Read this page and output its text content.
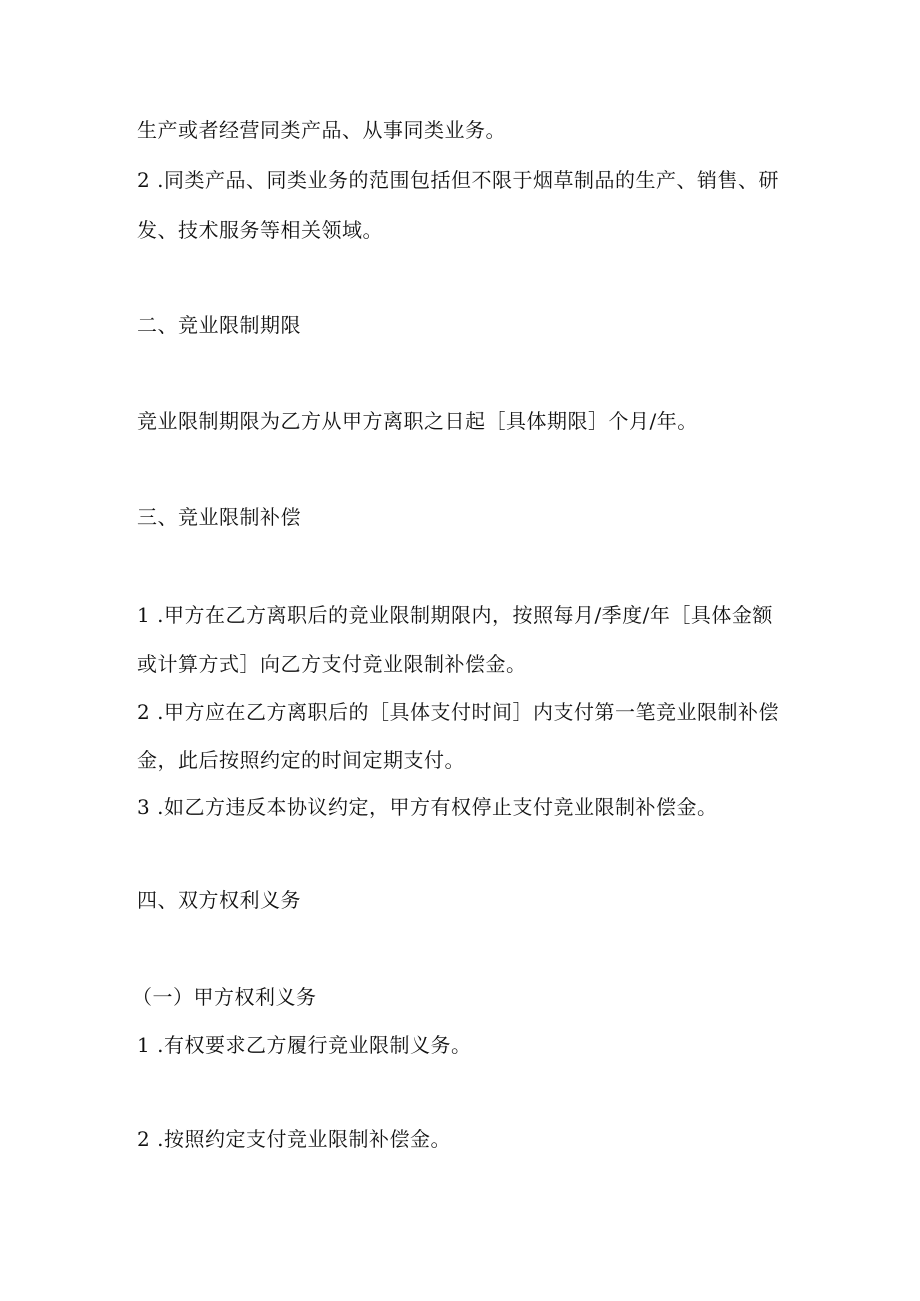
生产或者经营同类产品、从事同类业务。
2 .同类产品、同类业务的范围包括但不限于烟草制品的生产、销售、研
发、技术服务等相关领域。
二、竞业限制期限
竞业限制期限为乙方从甲方离职之日起［具体期限］个月/年。
三、竞业限制补偿
1 .甲方在乙方离职后的竞业限制期限内，按照每月/季度/年［具体金额
或计算方式］向乙方支付竞业限制补偿金。
2 .甲方应在乙方离职后的［具体支付时间］内支付第一笔竞业限制补偿
金，此后按照约定的时间定期支付。
3 .如乙方违反本协议约定，甲方有权停止支付竞业限制补偿金。
四、双方权利义务
（一）甲方权利义务
1 .有权要求乙方履行竞业限制义务。
2 .按照约定支付竞业限制补偿金。
